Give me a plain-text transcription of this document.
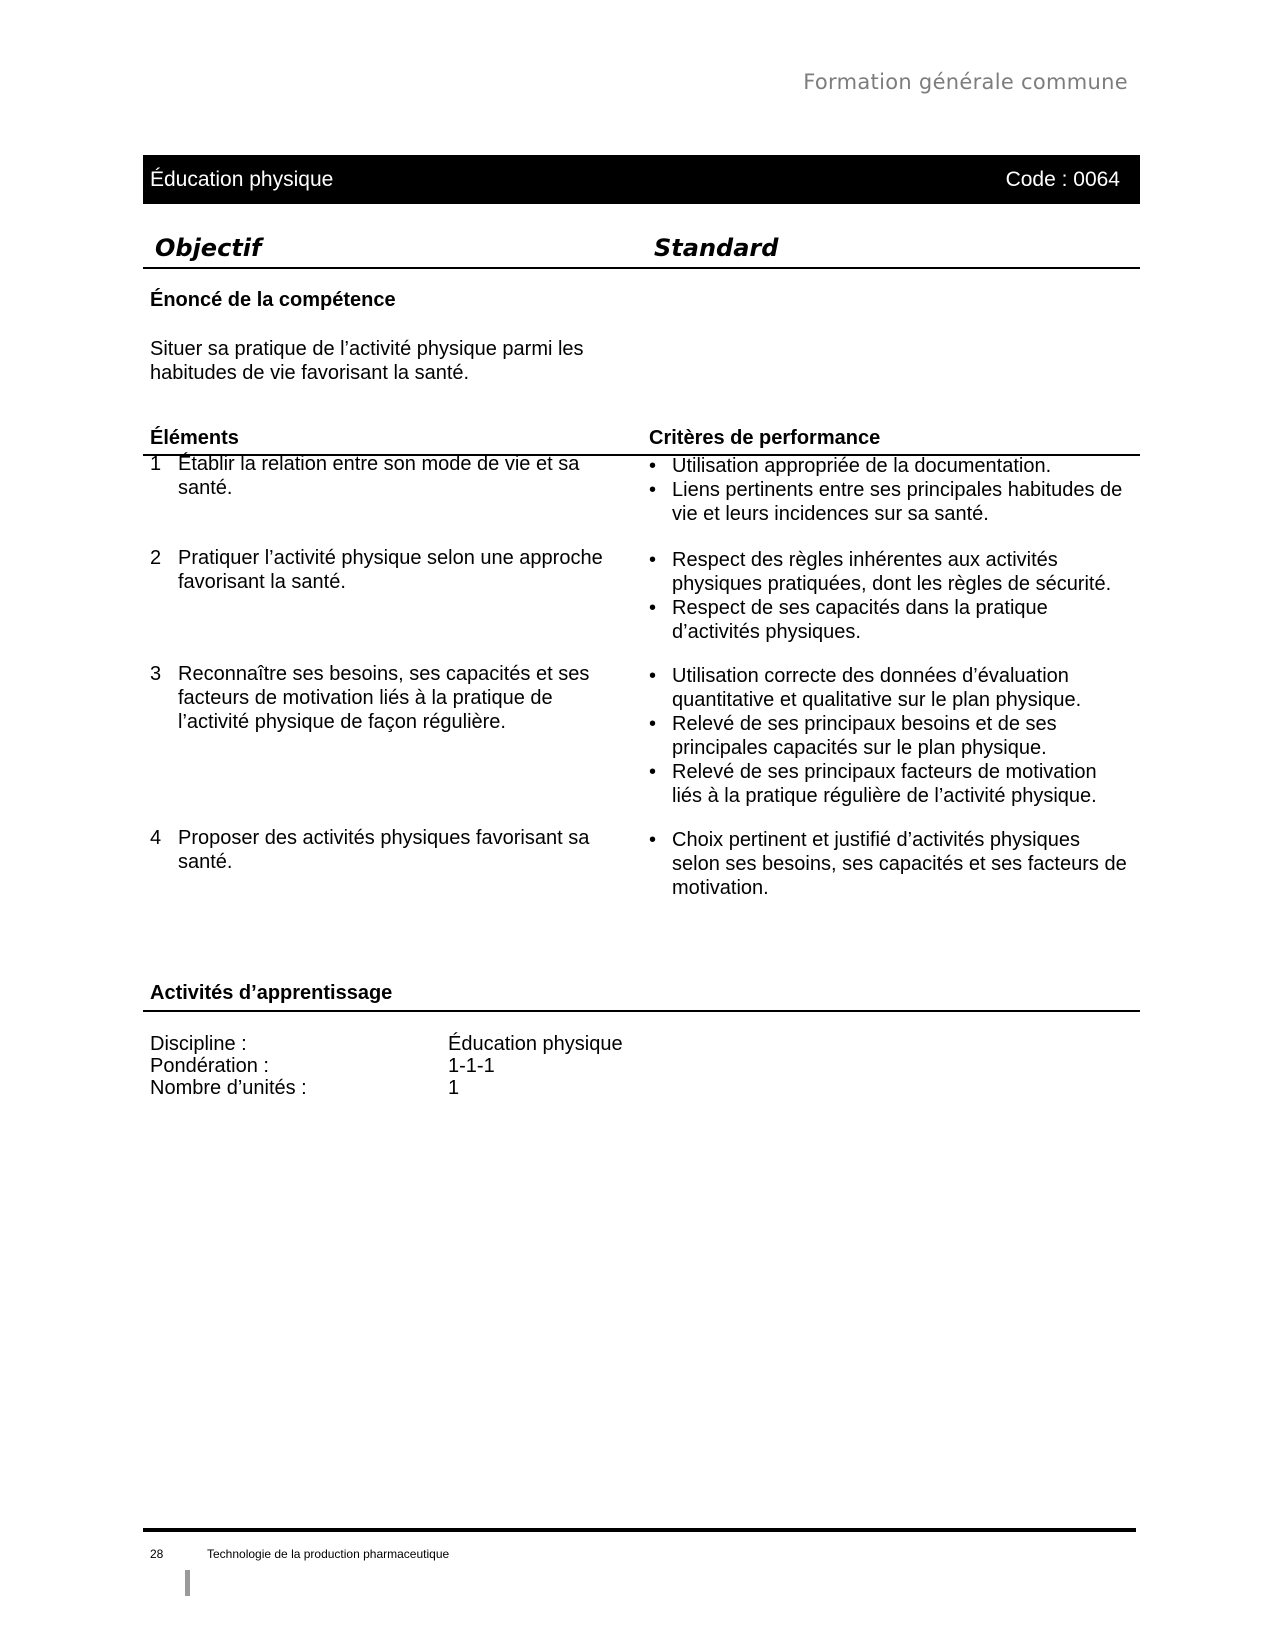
Formation générale commune
Éducation physique	Code : 0064
Objectif	Standard
Énoncé de la compétence
Situer sa pratique de l’activité physique parmi les habitudes de vie favorisant la santé.
Éléments	Critères de performance
1 Établir la relation entre son mode de vie et sa santé.
• Utilisation appropriée de la documentation.
• Liens pertinents entre ses principales habitudes de vie et leurs incidences sur sa santé.
2 Pratiquer l’activité physique selon une approche favorisant la santé.
• Respect des règles inhérentes aux activités physiques pratiquées, dont les règles de sécurité.
• Respect de ses capacités dans la pratique d’activités physiques.
3 Reconnaître ses besoins, ses capacités et ses facteurs de motivation liés à la pratique de l’activité physique de façon régulière.
• Utilisation correcte des données d’évaluation quantitative et qualitative sur le plan physique.
• Relevé de ses principaux besoins et de ses principales capacités sur le plan physique.
• Relevé de ses principaux facteurs de motivation liés à la pratique régulière de l’activité physique.
4 Proposer des activités physiques favorisant sa santé.
• Choix pertinent et justifié d’activités physiques selon ses besoins, ses capacités et ses facteurs de motivation.
Activités d’apprentissage
Discipline :	Éducation physique
Pondération :	1-1-1
Nombre d’unités :	1
28	Technologie de la production pharmaceutique
